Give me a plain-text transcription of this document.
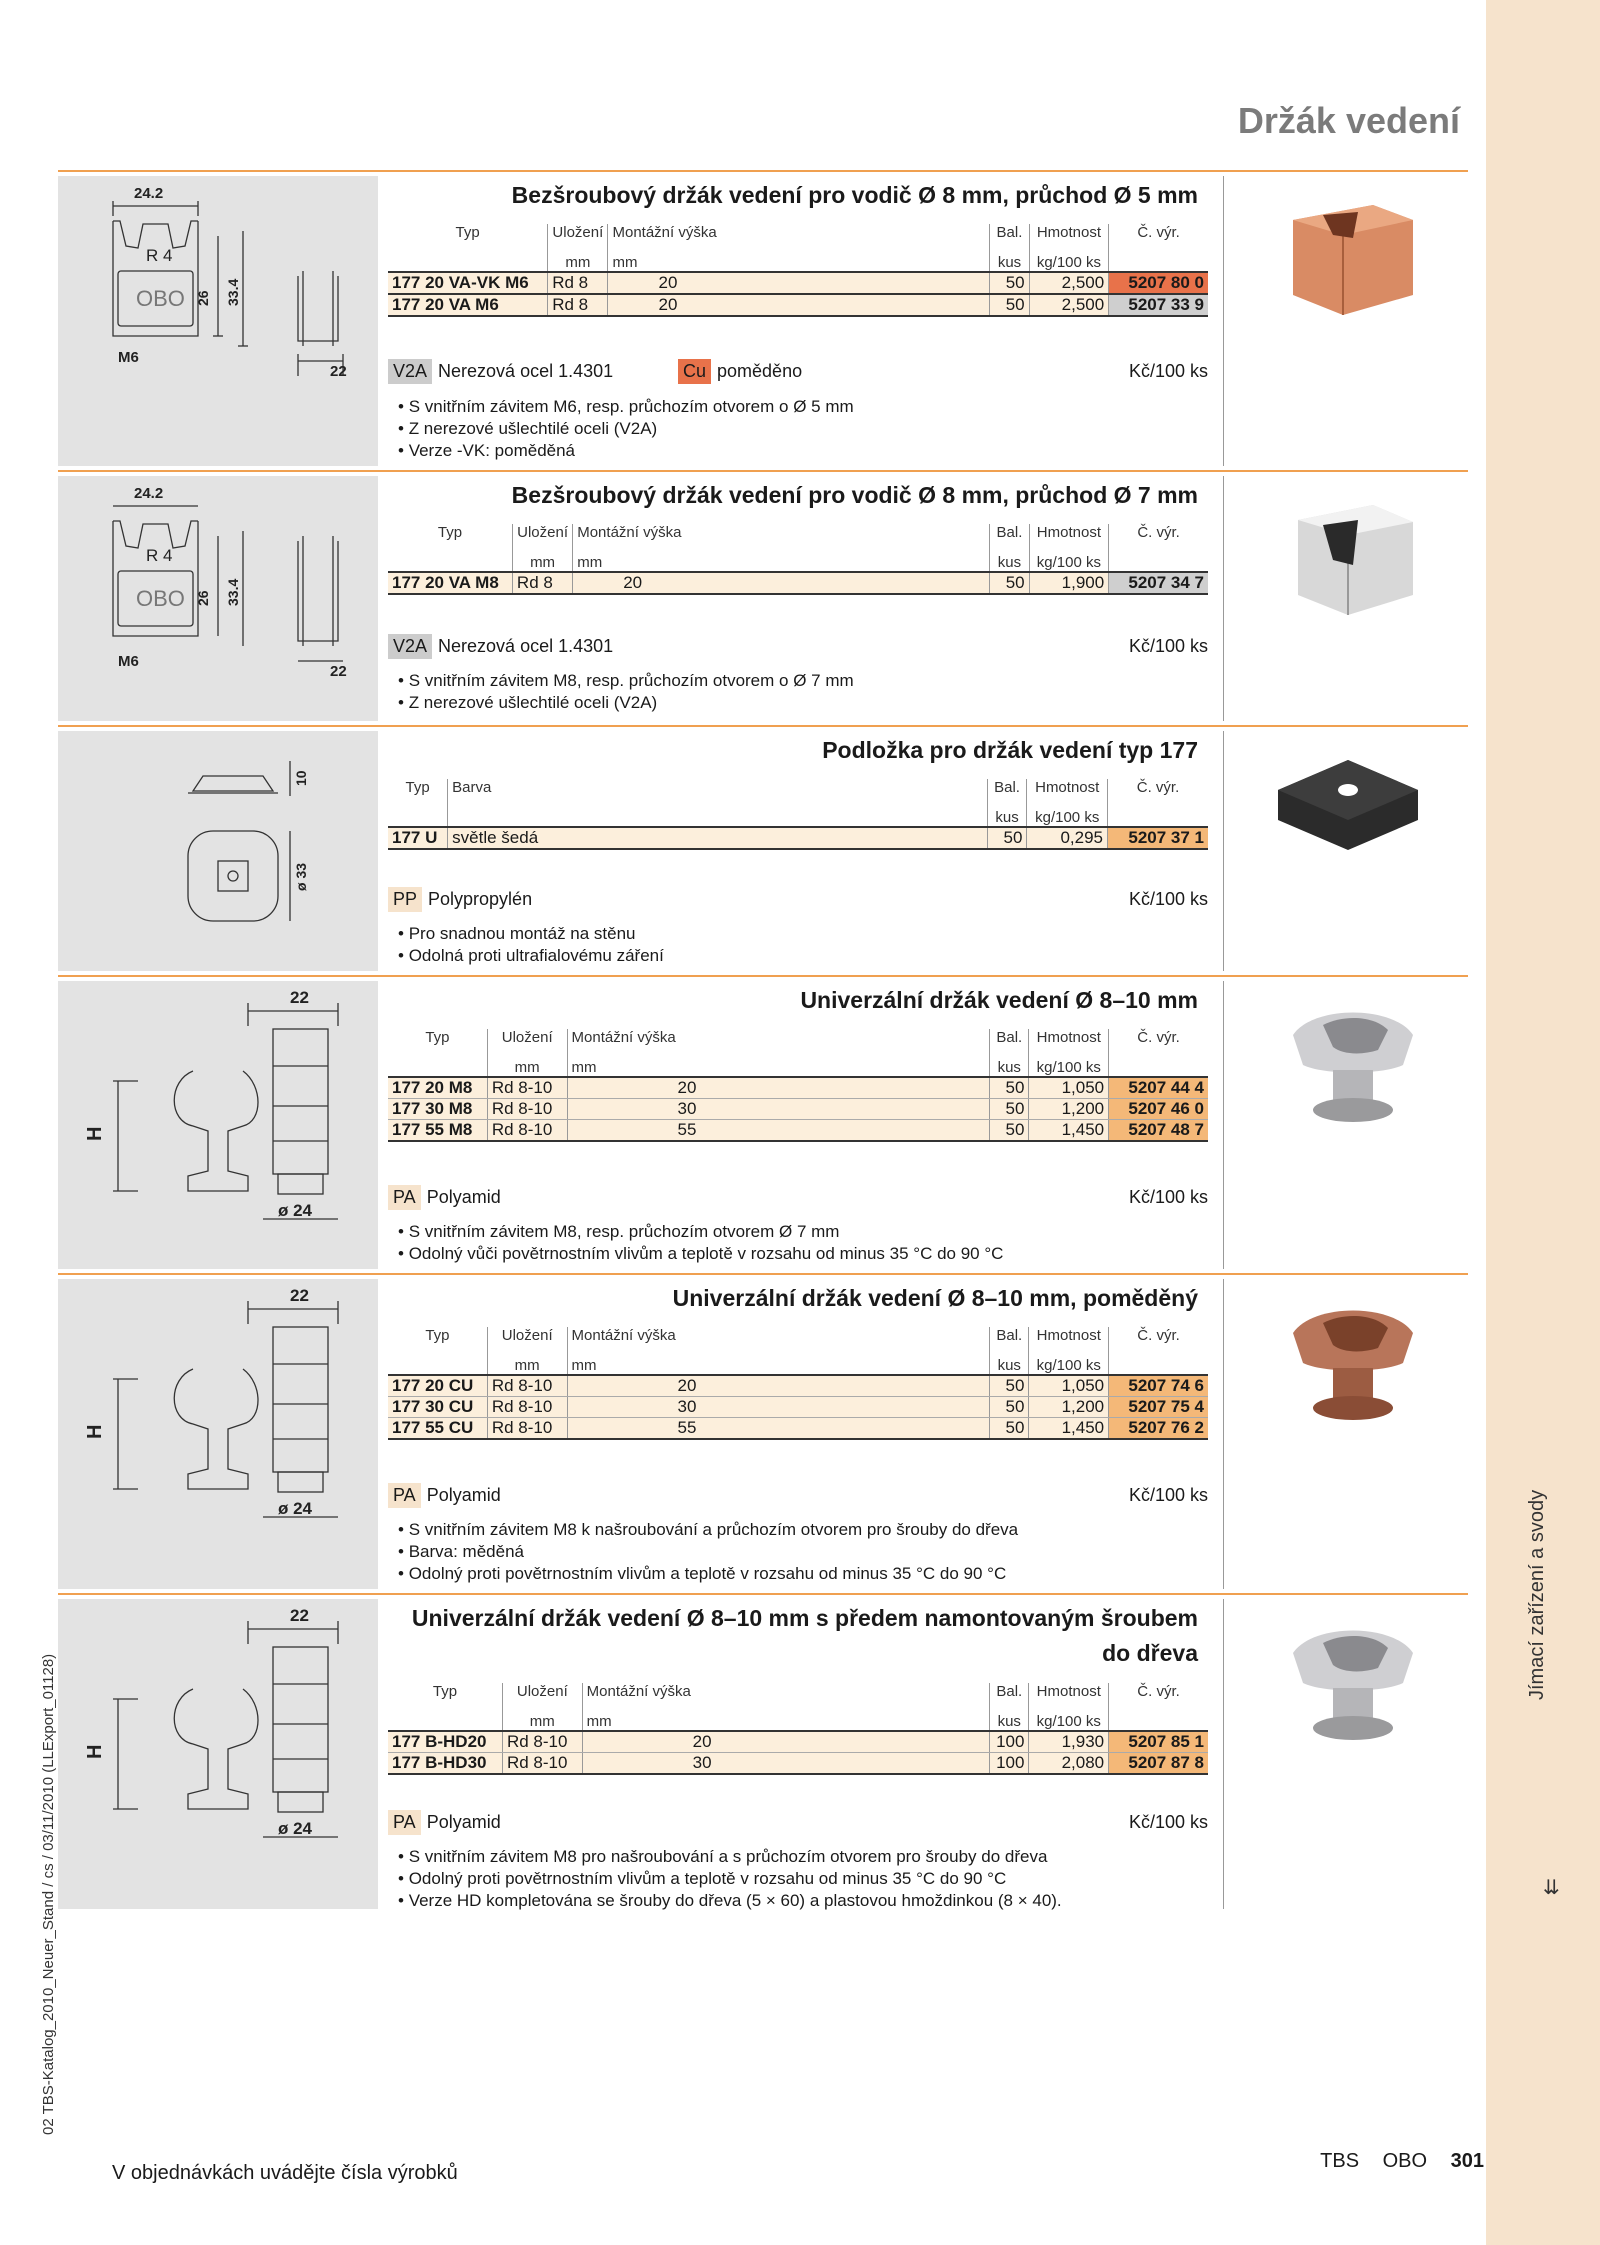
Jímací zařízení a svody
⇊
02 TBS-Katalog_2010_Neuer_Stand / cs / 03/11/2010 (LLExport_01128)
Držák vedení
24.2
R 4
OBO 26 33.4
M6
22
Bezšroubový držák vedení pro vodič Ø 8 mm, průchod Ø 5 mm
Typ	Uložení	Montážní výška	Bal.	Hmotnost	Č. výr.
	mm	mm	kus	kg/100 ks	
177 20 VA-VK M6	Rd 8	20	50	2,500	5207 80 0
177 20 VA M6	Rd 8	20	50	2,500	5207 33 9
V2A Nerezová ocel 1.4301	Cu poměděno	Kč/100 ks
• S vnitřním závitem M6, resp. průchozím otvorem o Ø 5 mm
• Z nerezové ušlechtilé oceli (V2A)
• Verze -VK: poměděná
24.2
R 4
OBO 26 33.4
M6
22
Bezšroubový držák vedení pro vodič Ø 8 mm, průchod Ø 7 mm
Typ	Uložení	Montážní výška	Bal.	Hmotnost	Č. výr.
	mm	mm	kus	kg/100 ks	
177 20 VA M8	Rd 8	20	50	1,900	5207 34 7
V2A Nerezová ocel 1.4301	Kč/100 ks
• S vnitřním závitem M8, resp. průchozím otvorem o Ø 7 mm
• Z nerezové ušlechtilé oceli (V2A)
10
ø 33
Podložka pro držák vedení typ 177
Typ	Barva	Bal.	Hmotnost	Č. výr.
		kus	kg/100 ks	
177 U	světle šedá	50	0,295	5207 37 1
PP Polypropylén	Kč/100 ks
• Pro snadnou montáž na stěnu
• Odolná proti ultrafialovému záření
22
H
ø 24
Univerzální držák vedení Ø 8–10 mm
Typ	Uložení	Montážní výška	Bal.	Hmotnost	Č. výr.
	mm	mm	kus	kg/100 ks	
177 20 M8	Rd 8-10	20	50	1,050	5207 44 4
177 30 M8	Rd 8-10	30	50	1,200	5207 46 0
177 55 M8	Rd 8-10	55	50	1,450	5207 48 7
PA Polyamid	Kč/100 ks
• S vnitřním závitem M8, resp. průchozím otvorem Ø 7 mm
• Odolný vůči povětrnostním vlivům a teplotě v rozsahu od minus 35 °C do 90 °C
22
H
ø 24
Univerzální držák vedení Ø 8–10 mm, poměděný
Typ	Uložení	Montážní výška	Bal.	Hmotnost	Č. výr.
	mm	mm	kus	kg/100 ks	
177 20 CU	Rd 8-10	20	50	1,050	5207 74 6
177 30 CU	Rd 8-10	30	50	1,200	5207 75 4
177 55 CU	Rd 8-10	55	50	1,450	5207 76 2
PA Polyamid	Kč/100 ks
• S vnitřním závitem M8 k našroubování a průchozím otvorem pro šrouby do dřeva
• Barva: měděná
• Odolný proti povětrnostním vlivům a teplotě v rozsahu od minus 35 °C do 90 °C
22
H
ø 24
Univerzální držák vedení Ø 8–10 mm s předem namontovaným šroubem
do dřeva
Typ	Uložení	Montážní výška	Bal.	Hmotnost	Č. výr.
	mm	mm	kus	kg/100 ks	
177 B-HD20	Rd 8-10	20	100	1,930	5207 85 1
177 B-HD30	Rd 8-10	30	100	2,080	5207 87 8
PA Polyamid	Kč/100 ks
• S vnitřním závitem M8 pro našroubování a s průchozím otvorem pro šrouby do dřeva
• Odolný proti povětrnostním vlivům a teplotě v rozsahu od minus 35 °C do 90 °C
• Verze HD kompletována se šrouby do dřeva (5 × 60) a plastovou hmoždinkou (8 × 40).
V objednávkách uvádějte čísla výrobků
TBS OBO 301
